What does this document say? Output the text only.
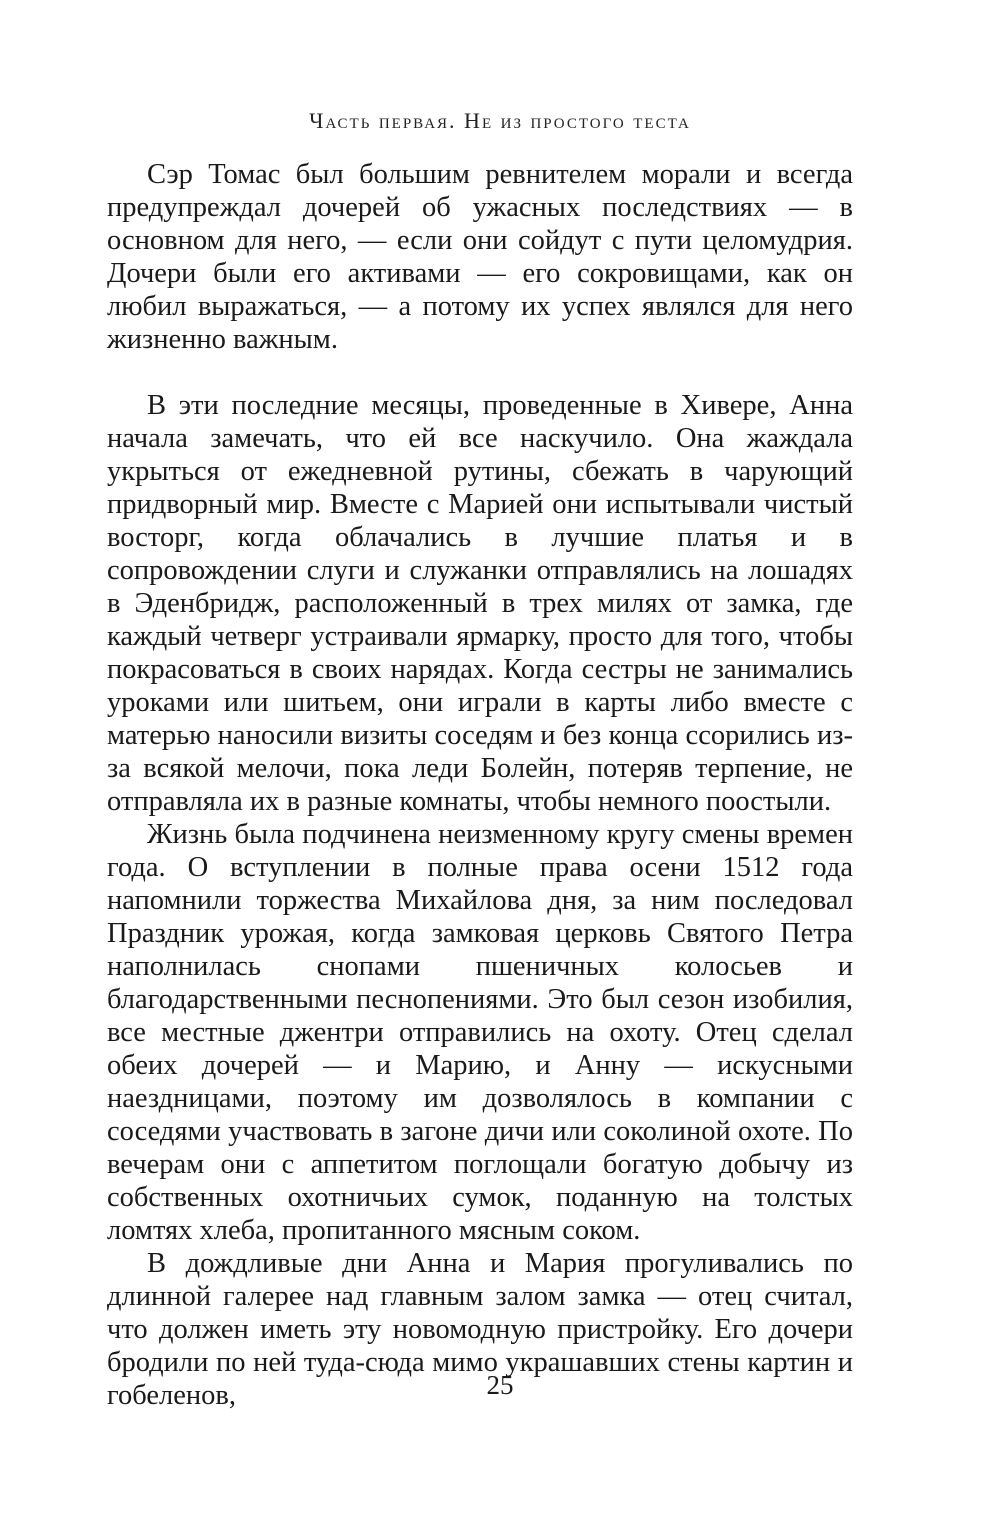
Часть первая. Не из простого теста

Сэр Томас был большим ревнителем морали и всегда предупреждал дочерей об ужасных последствиях — в основном для него, — если они сойдут с пути целомудрия. Дочери были его активами — его сокровищами, как он любил выражаться, — а потому их успех являлся для него жизненно важным.

В эти последние месяцы, проведенные в Хивере, Анна начала замечать, что ей все наскучило. Она жаждала укрыться от ежедневной рутины, сбежать в чарующий придворный мир. Вместе с Марией они испытывали чистый восторг, когда облачались в лучшие платья и в сопровождении слуги и служанки отправлялись на лошадях в Эденбридж, расположенный в трех милях от замка, где каждый четверг устраивали ярмарку, просто для того, чтобы покрасоваться в своих нарядах. Когда сестры не занимались уроками или шитьем, они играли в карты либо вместе с матерью наносили визиты соседям и без конца ссорились из-за всякой мелочи, пока леди Болейн, потеряв терпение, не отправляла их в разные комнаты, чтобы немного поостыли.

Жизнь была подчинена неизменному кругу смены времен года. О вступлении в полные права осени 1512 года напомнили торжества Михайлова дня, за ним последовал Праздник урожая, когда замковая церковь Святого Петра наполнилась снопами пшеничных колосьев и благодарственными песнопениями. Это был сезон изобилия, все местные джентри отправились на охоту. Отец сделал обеих дочерей — и Марию, и Анну — искусными наездницами, поэтому им дозволялось в компании с соседями участвовать в загоне дичи или соколиной охоте. По вечерам они с аппетитом поглощали богатую добычу из собственных охотничьих сумок, поданную на толстых ломтях хлеба, пропитанного мясным соком.

В дождливые дни Анна и Мария прогуливались по длинной галерее над главным залом замка — отец считал, что должен иметь эту новомодную пристройку. Его дочери бродили по ней туда-сюда мимо украшавших стены картин и гобеленов,	25
